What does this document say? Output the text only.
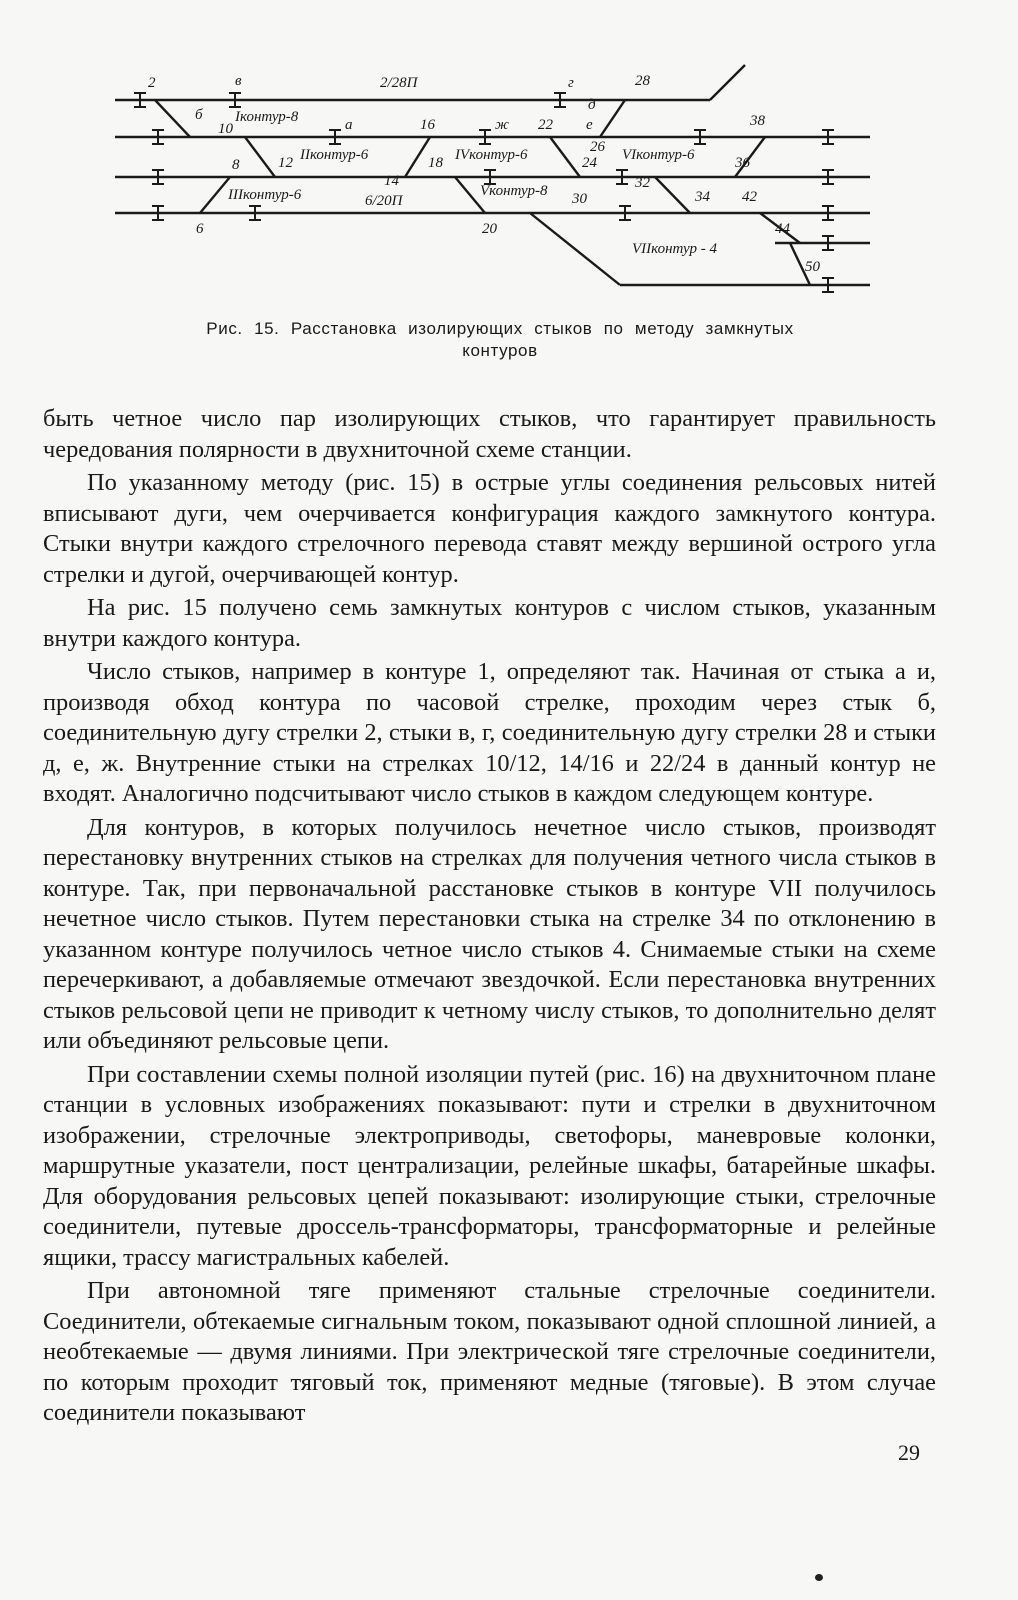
2
б
в
10
Iконтур-8	а
2/28П	г	28
16	ж 22
д
е
26
38
8	12 IIконтур-6	18 IVконтур-6	24 VIконтур-6	36
IIIконтур-6
14
6/20П
Vконтур-8 30
32
34 42
6	20	44
VIIконтур - 4
50
Рис. 15. Расстановка изолирующих стыков по методу замкнутых
контуров

быть четное число пар изолирующих стыков, что гарантирует правильность чередования полярности в двухниточной схеме станции.

По указанному методу (рис. 15) в острые углы соединения рельсовых нитей вписывают дуги, чем очерчивается конфигурация каждого замкнутого контура. Стыки внутри каждого стрелочного перевода ставят между вершиной острого угла стрелки и дугой, очерчивающей контур.

На рис. 15 получено семь замкнутых контуров с числом стыков, указанным внутри каждого контура.

Число стыков, например в контуре 1, определяют так. Начиная от стыка а и, производя обход контура по часовой стрелке, проходим через стык б, соединительную дугу стрелки 2, стыки в, г, соединительную дугу стрелки 28 и стыки д, е, ж. Внутренние стыки на стрелках 10/12, 14/16 и 22/24 в данный контур не входят. Аналогично подсчитывают число стыков в каждом следующем контуре.

Для контуров, в которых получилось нечетное число стыков, производят перестановку внутренних стыков на стрелках для получения четного числа стыков в контуре. Так, при первоначальной расстановке стыков в контуре VII получилось нечетное число стыков. Путем перестановки стыка на стрелке 34 по отклонению в указанном контуре получилось четное число стыков 4. Снимаемые стыки на схеме перечеркивают, а добавляемые отмечают звездочкой. Если перестановка внутренних стыков рельсовой цепи не приводит к четному числу стыков, то дополнительно делят или объединяют рельсовые цепи.

При составлении схемы полной изоляции путей (рис. 16) на двухниточном плане станции в условных изображениях показывают: пути и стрелки в двухниточном изображении, стрелочные электроприводы, светофоры, маневровые колонки, маршрутные указатели, пост централизации, релейные шкафы, батарейные шкафы. Для оборудования рельсовых цепей показывают: изолирующие стыки, стрелочные соединители, путевые дроссель-трансформаторы, трансформаторные и релейные ящики, трассу магистральных кабелей.

При автономной тяге применяют стальные стрелочные соединители. Соединители, обтекаемые сигнальным током, показывают одной сплошной линией, а необтекаемые — двумя линиями. При электрической тяге стрелочные соединители, по которым проходит тяговый ток, применяют медные (тяговые). В этом случае соединители показывают

29
